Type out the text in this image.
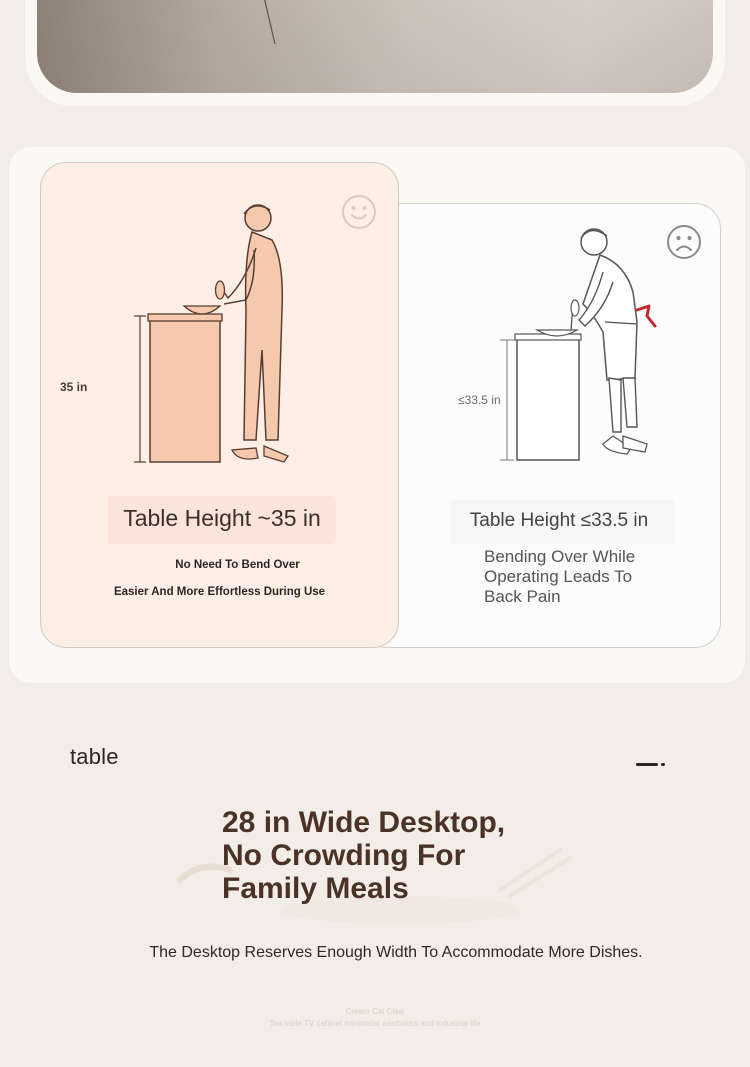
≤33.5 in
Table Height ≤33.5 in
Bending Over While Operating Leads To Back Pain
35 in
Table Height ~35 in
No Need To Bend Over
Easier And More Effortless During Use
table
28 in Wide Desktop,
No Crowding For
Family Meals
The Desktop Reserves Enough Width To Accommodate More Dishes.
Cream Cat Claw
Tea table TV cabinet minimalist aesthetics and industrial life
